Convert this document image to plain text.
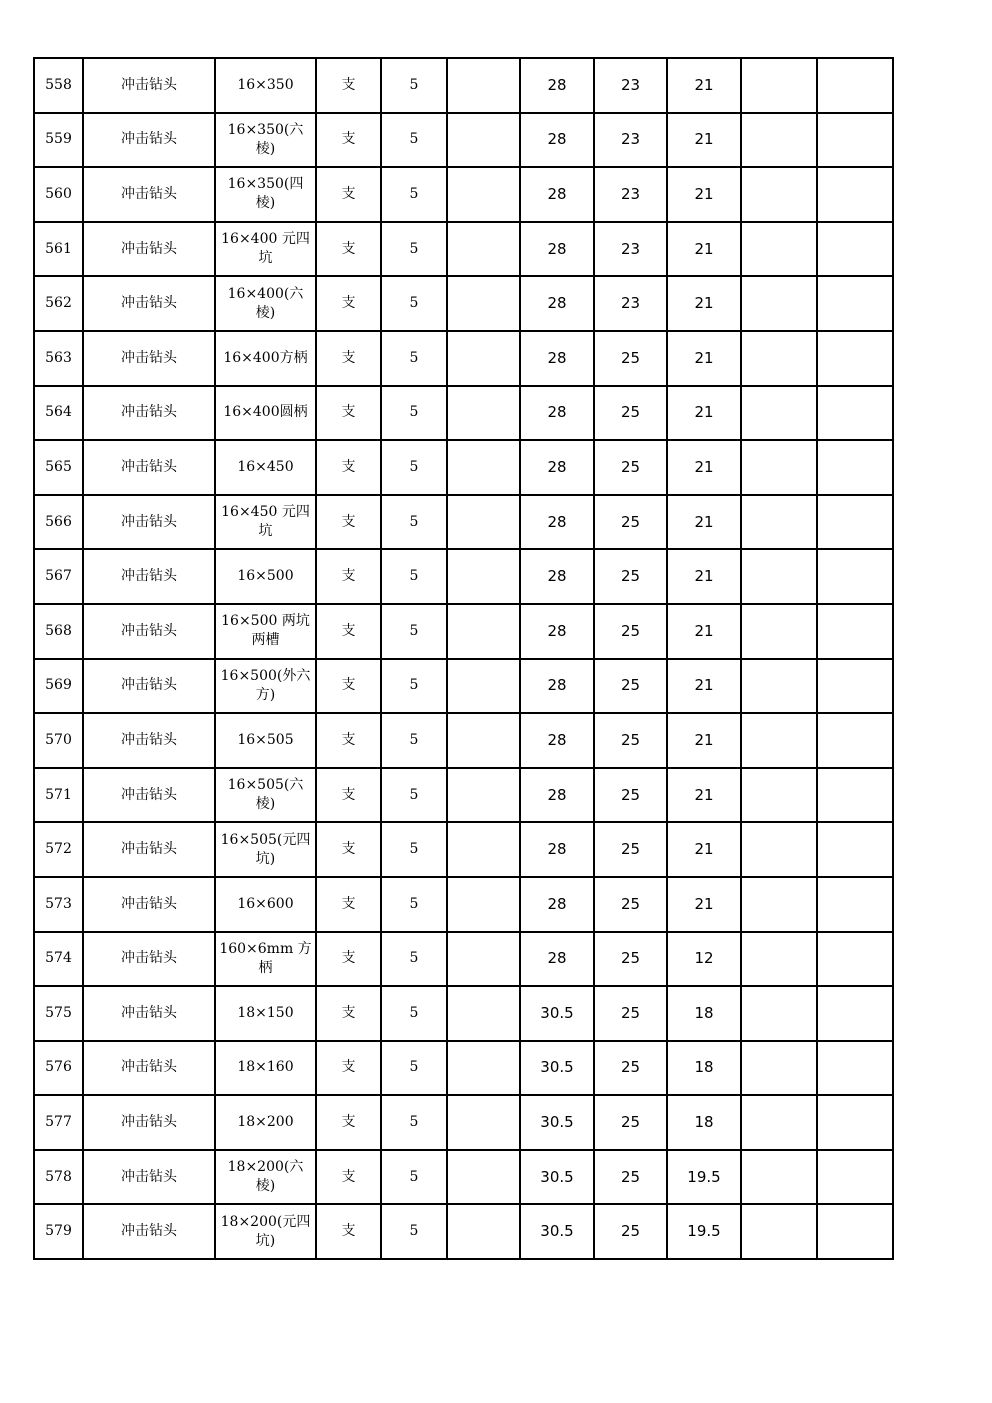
558	冲击钻头	16×350	支	5		28	23	21		
559	冲击钻头	16×350(六棱)	支	5		28	23	21		
560	冲击钻头	16×350(四棱)	支	5		28	23	21		
561	冲击钻头	16×400 元四坑	支	5		28	23	21		
562	冲击钻头	16×400(六棱)	支	5		28	23	21		
563	冲击钻头	16×400方柄	支	5		28	25	21		
564	冲击钻头	16×400圆柄	支	5		28	25	21		
565	冲击钻头	16×450	支	5		28	25	21		
566	冲击钻头	16×450 元四坑	支	5		28	25	21		
567	冲击钻头	16×500	支	5		28	25	21		
568	冲击钻头	16×500 两坑两槽	支	5		28	25	21		
569	冲击钻头	16×500(外六方)	支	5		28	25	21		
570	冲击钻头	16×505	支	5		28	25	21		
571	冲击钻头	16×505(六棱)	支	5		28	25	21		
572	冲击钻头	16×505(元四坑)	支	5		28	25	21		
573	冲击钻头	16×600	支	5		28	25	21		
574	冲击钻头	160×6mm 方柄	支	5		28	25	12		
575	冲击钻头	18×150	支	5		30.5	25	18		
576	冲击钻头	18×160	支	5		30.5	25	18		
577	冲击钻头	18×200	支	5		30.5	25	18		
578	冲击钻头	18×200(六棱)	支	5		30.5	25	19.5		
579	冲击钻头	18×200(元四坑)	支	5		30.5	25	19.5		
